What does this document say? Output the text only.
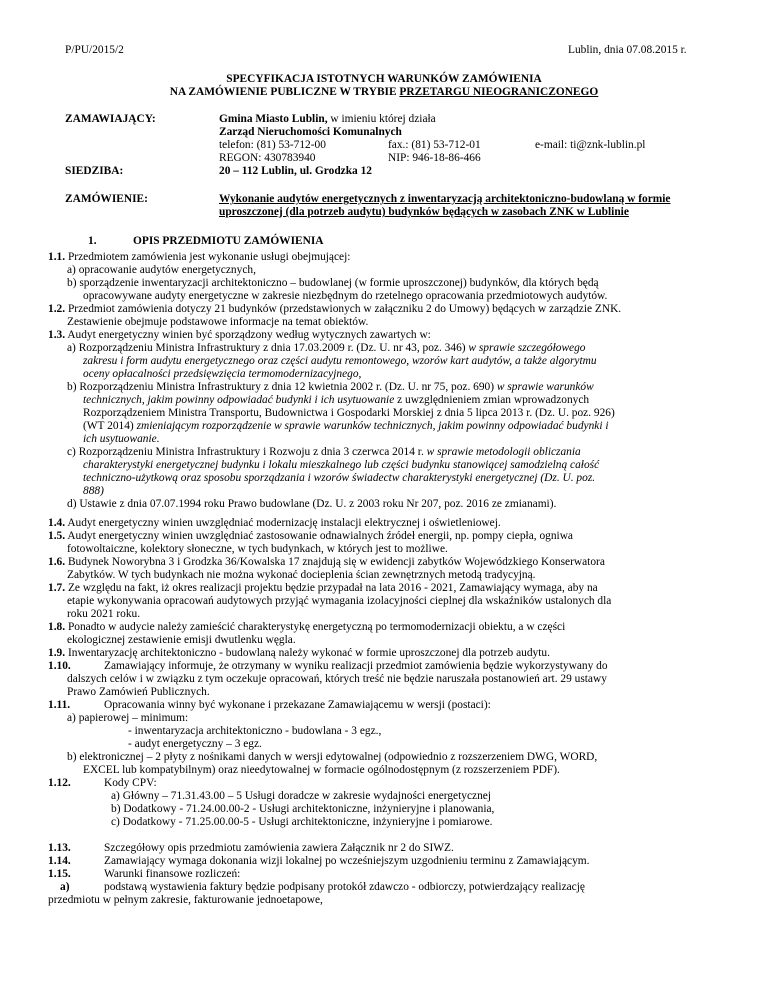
P/PU/2015/2	Lublin, dnia 07.08.2015 r.
SPECYFIKACJA ISTOTNYCH WARUNKÓW ZAMÓWIENIA
NA ZAMÓWIENIE PUBLICZNE W TRYBIE PRZETARGU NIEOGRANICZONEGO
ZAMAWIAJĄCY:	Gmina Miasto Lublin, w imieniu której działa
Zarząd Nieruchomości Komunalnych
telefon: (81) 53-712-00	fax.: (81) 53-712-01	e-mail: ti@znk-lublin.pl
REGON: 430783940	NIP: 946-18-86-466
SIEDZIBA:	20 – 112 Lublin, ul. Grodzka 12
ZAMÓWIENIE:	Wykonanie audytów energetycznych z inwentaryzacją architektoniczno-budowlaną w formie
uproszczonej (dla potrzeb audytu) budynków będących w zasobach ZNK w Lublinie
1.	OPIS PRZEDMIOTU ZAMÓWIENIA
1.1. Przedmiotem zamówienia jest wykonanie usługi obejmującej:
a) opracowanie audytów energetycznych,
b) sporządzenie inwentaryzacji architektoniczno – budowlanej (w formie uproszczonej) budynków, dla których będą
opracowywane audyty energetyczne w zakresie niezbędnym do rzetelnego opracowania przedmiotowych audytów.
1.2. Przedmiot zamówienia dotyczy 21 budynków (przedstawionych w załączniku 2 do Umowy) będących w zarządzie ZNK.
Zestawienie obejmuje podstawowe informacje na temat obiektów.
1.3. Audyt energetyczny winien być sporządzony według wytycznych zawartych w:
a) Rozporządzeniu Ministra Infrastruktury z dnia 17.03.2009 r. (Dz. U. nr 43, poz. 346) w sprawie szczegółowego
zakresu i form audytu energetycznego oraz części audytu remontowego, wzorów kart audytów, a także algorytmu
oceny opłacalności przedsięwzięcia termomodernizacyjnego,
b) Rozporządzeniu Ministra Infrastruktury z dnia 12 kwietnia 2002 r. (Dz. U. nr 75, poz. 690) w sprawie warunków
technicznych, jakim powinny odpowiadać budynki i ich usytuowanie z uwzględnieniem zmian wprowadzonych
Rozporządzeniem Ministra Transportu, Budownictwa i Gospodarki Morskiej z dnia 5 lipca 2013 r. (Dz. U. poz. 926)
(WT 2014) zmieniającym rozporządzenie w sprawie warunków technicznych, jakim powinny odpowiadać budynki i
ich usytuowanie.
c) Rozporządzeniu Ministra Infrastruktury i Rozwoju z dnia 3 czerwca 2014 r. w sprawie metodologii obliczania
charakterystyki energetycznej budynku i lokalu mieszkalnego lub części budynku stanowiącej samodzielną całość
techniczno-użytkową oraz sposobu sporządzania i wzorów świadectw charakterystyki energetycznej (Dz. U. poz.
888)
d) Ustawie z dnia 07.07.1994 roku Prawo budowlane (Dz. U. z 2003 roku Nr 207, poz. 2016 ze zmianami).
1.4. Audyt energetyczny winien uwzględniać modernizację instalacji elektrycznej i oświetleniowej.
1.5. Audyt energetyczny winien uwzględniać zastosowanie odnawialnych źródeł energii, np. pompy ciepła, ogniwa
fotowoltaiczne, kolektory słoneczne, w tych budynkach, w których jest to możliwe.
1.6. Budynek Noworybna 3 i Grodzka 36/Kowalska 17 znajdują się w ewidencji zabytków Wojewódzkiego Konserwatora
Zabytków. W tych budynkach nie można wykonać docieplenia ścian zewnętrznych metodą tradycyjną.
1.7. Ze względu na fakt, iż okres realizacji projektu będzie przypadał na lata 2016 - 2021, Zamawiający wymaga, aby na
etapie wykonywania opracowań audytowych przyjąć wymagania izolacyjności cieplnej dla wskaźników ustalonych dla
roku 2021 roku.
1.8. Ponadto w audycie należy zamieścić charakterystykę energetyczną po termomodernizacji obiektu, a w części
ekologicznej zestawienie emisji dwutlenku węgla.
1.9. Inwentaryzację architektoniczno - budowlaną należy wykonać w formie uproszczonej dla potrzeb audytu.
1.10.	Zamawiający informuje, że otrzymany w wyniku realizacji przedmiot zamówienia będzie wykorzystywany do
dalszych celów i w związku z tym oczekuje opracowań, których treść nie będzie naruszała postanowień art. 29 ustawy
Prawo Zamówień Publicznych.
1.11.	Opracowania winny być wykonane i przekazane Zamawiającemu w wersji (postaci):
a) papierowej – minimum:
- inwentaryzacja architektoniczno - budowlana - 3 egz.,
- audyt energetyczny – 3 egz.
b) elektronicznej – 2 płyty z nośnikami danych w wersji edytowalnej (odpowiednio z rozszerzeniem DWG, WORD,
EXCEL lub kompatybilnym) oraz nieedytowalnej w formacie ogólnodostępnym (z rozszerzeniem PDF).
1.12.	Kody CPV:
a) Główny – 71.31.43.00 – 5 Usługi doradcze w zakresie wydajności energetycznej
b) Dodatkowy - 71.24.00.00-2 - Usługi architektoniczne, inżynieryjne i planowania,
c) Dodatkowy - 71.25.00.00-5 - Usługi architektoniczne, inżynieryjne i pomiarowe.
1.13.	Szczegółowy opis przedmiotu zamówienia zawiera Załącznik nr 2 do SIWZ.
1.14.	Zamawiający wymaga dokonania wizji lokalnej po wcześniejszym uzgodnieniu terminu z Zamawiającym.
1.15.	Warunki finansowe rozliczeń:
a)	podstawą wystawienia faktury będzie podpisany protokół zdawczo - odbiorczy, potwierdzający realizację
przedmiotu w pełnym zakresie, fakturowanie jednoetapowe,
